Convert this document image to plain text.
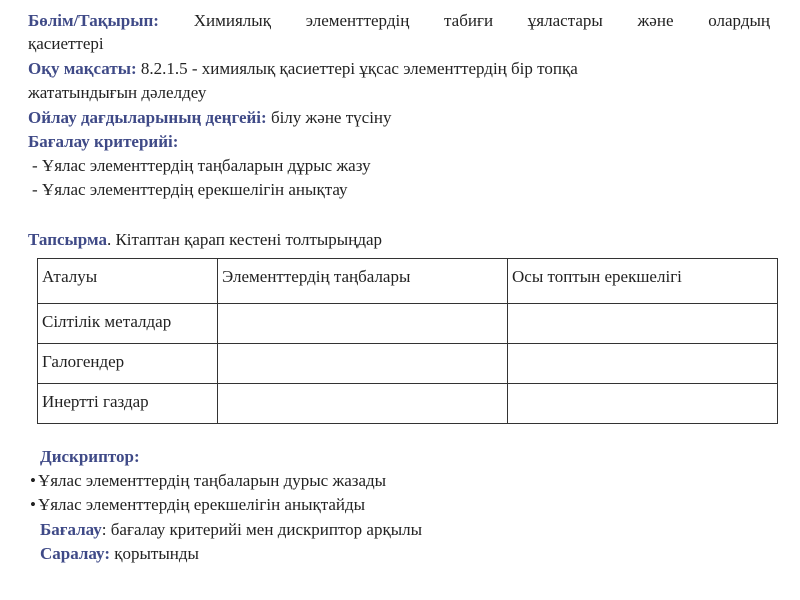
Бөлім/Тақырып: Химиялық элементтердің табиғи ұяластары және олардың
қасиеттері
Оқу мақсаты: 8.2.1.5 - химиялық қасиеттері ұқсас элементтердің бір топқа
жататындығын дәлелдеу
Ойлау дағдыларының деңгейі: білу және түсіну
Бағалау критерийі:
- Ұялас элементтердің таңбаларын дұрыс жазу
- Ұялас элементтердің ерекшелігін анықтау
Тапсырма. Кітаптан қарап кестені толтырыңдар
Аталуы	Элементтердің таңбалары	Осы топтын ерекшелігі
Сілтілік металдар		
Галогендер		
Инертті газдар		
Дискриптор:
• Ұялас элементтердің таңбаларын дурыс жазады
• Ұялас элементтердің ерекшелігін анықтайды
Бағалау: бағалау критерийі мен дискриптор арқылы
Саралау: қорытынды
